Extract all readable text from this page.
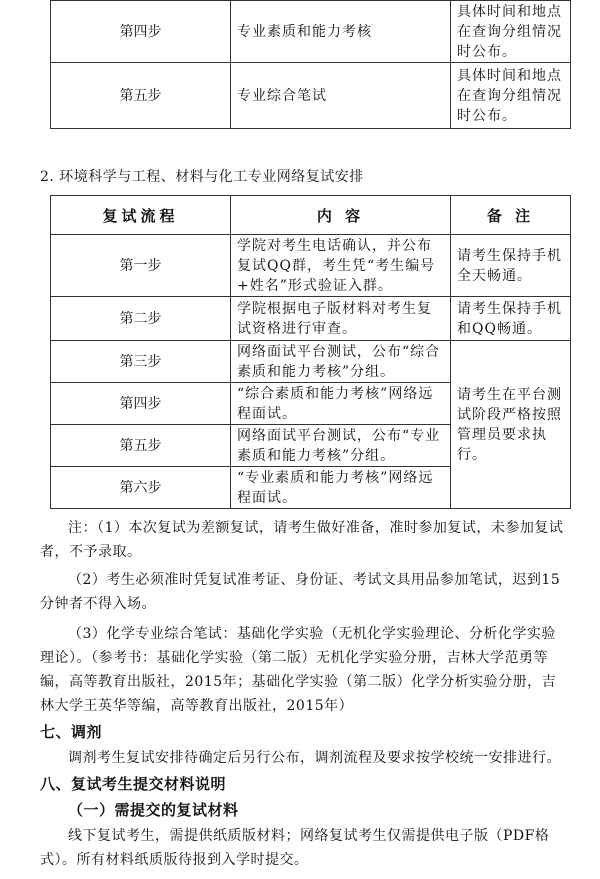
第四步	专业素质和能力考核	具体时间和地点在查询分组情况时公布。
第五步	专业综合笔试	具体时间和地点在查询分组情况时公布。
2. 环境科学与工程、材料与化工专业网络复试安排
复试流程	内 容	备 注
第一步	学院对考生电话确认，并公布复试QQ群，考生凭“考生编号+姓名”形式验证入群。	请考生保持手机全天畅通。
第二步	学院根据电子版材料对考生复试资格进行审查。	请考生保持手机和QQ畅通。
第三步	网络面试平台测试，公布“综合素质和能力考核”分组。	请考生在平台测试阶段严格按照管理员要求执行。
第四步	“综合素质和能力考核”网络远程面试。	
第五步	网络面试平台测试，公布“专业素质和能力考核”分组。	
第六步	“专业素质和能力考核”网络远程面试。	
注：（1）本次复试为差额复试，请考生做好准备，准时参加复试，未参加复试者，不予录取。
（2）考生必须准时凭复试准考证、身份证、考试文具用品参加笔试，迟到15分钟者不得入场。
（3）化学专业综合笔试：基础化学实验（无机化学实验理论、分析化学实验理论）。（参考书：基础化学实验（第二版）无机化学实验分册，吉林大学范勇等编，高等教育出版社，2015年；基础化学实验（第二版）化学分析实验分册，吉林大学王英华等编，高等教育出版社，2015年）
七、调剂
调剂考生复试安排待确定后另行公布，调剂流程及要求按学校统一安排进行。
八、复试考生提交材料说明
（一）需提交的复试材料
线下复试考生，需提供纸质版材料；网络复试考生仅需提供电子版（PDF格式）。所有材料纸质版待报到入学时提交。
